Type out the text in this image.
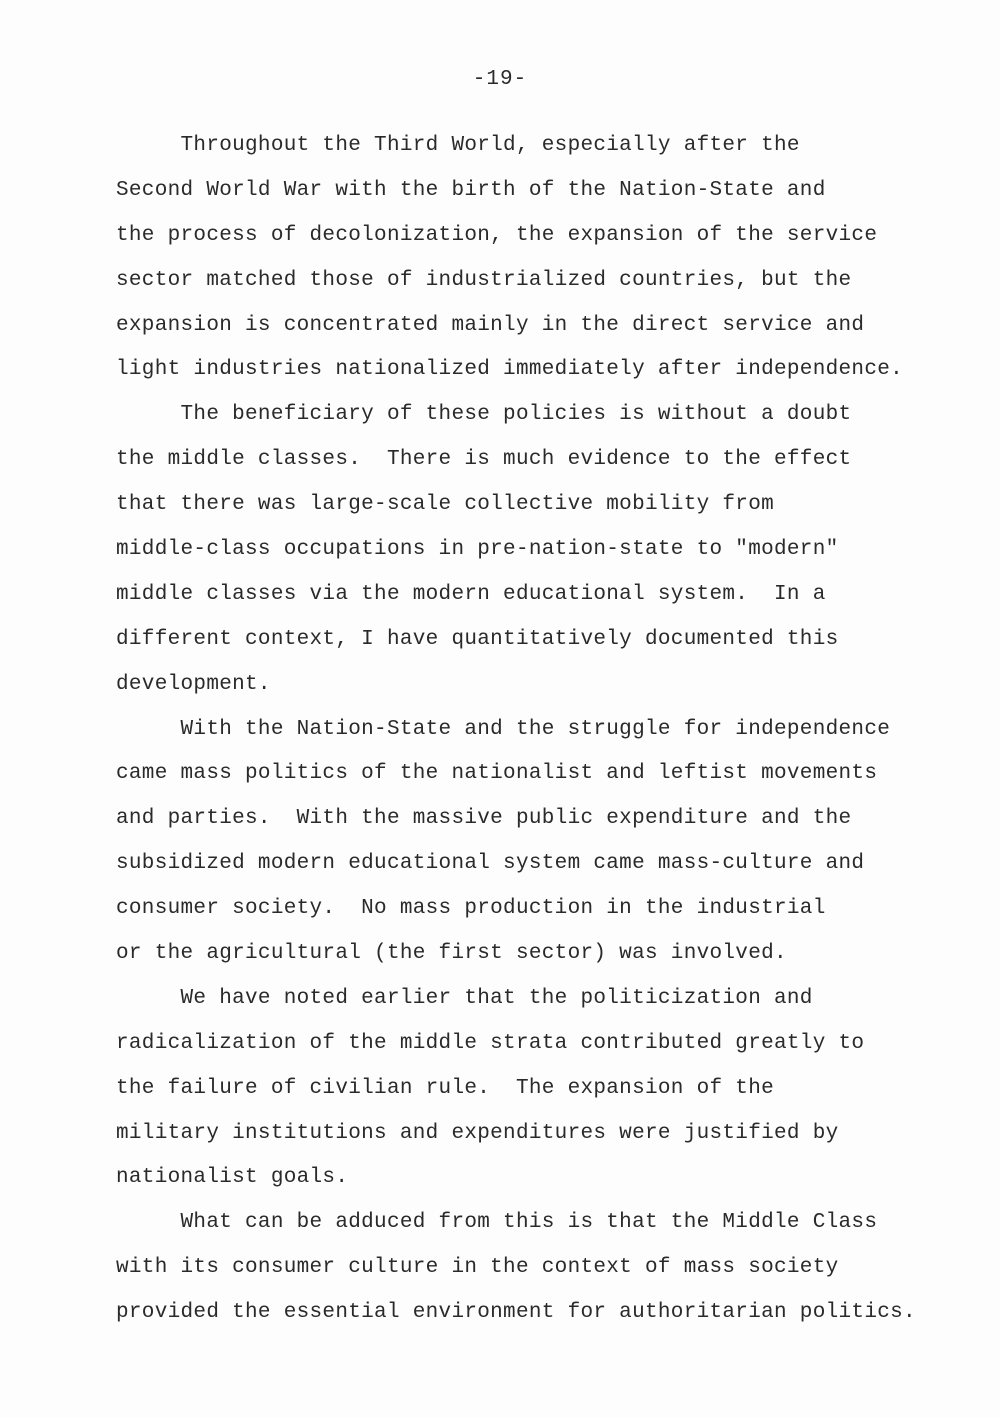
-19-
Throughout the Third World, especially after the
Second World War with the birth of the Nation-State and
the process of decolonization, the expansion of the service
sector matched those of industrialized countries, but the
expansion is concentrated mainly in the direct service and
light industries nationalized immediately after independence.
The beneficiary of these policies is without a doubt
the middle classes.  There is much evidence to the effect
that there was large-scale collective mobility from
middle-class occupations in pre-nation-state to "modern"
middle classes via the modern educational system.  In a
different context, I have quantitatively documented this
development.
With the Nation-State and the struggle for independence
came mass politics of the nationalist and leftist movements
and parties.  With the massive public expenditure and the
subsidized modern educational system came mass-culture and
consumer society.  No mass production in the industrial
or the agricultural (the first sector) was involved.
We have noted earlier that the politicization and
radicalization of the middle strata contributed greatly to
the failure of civilian rule.  The expansion of the
military institutions and expenditures were justified by
nationalist goals.
What can be adduced from this is that the Middle Class
with its consumer culture in the context of mass society
provided the essential environment for authoritarian politics.
